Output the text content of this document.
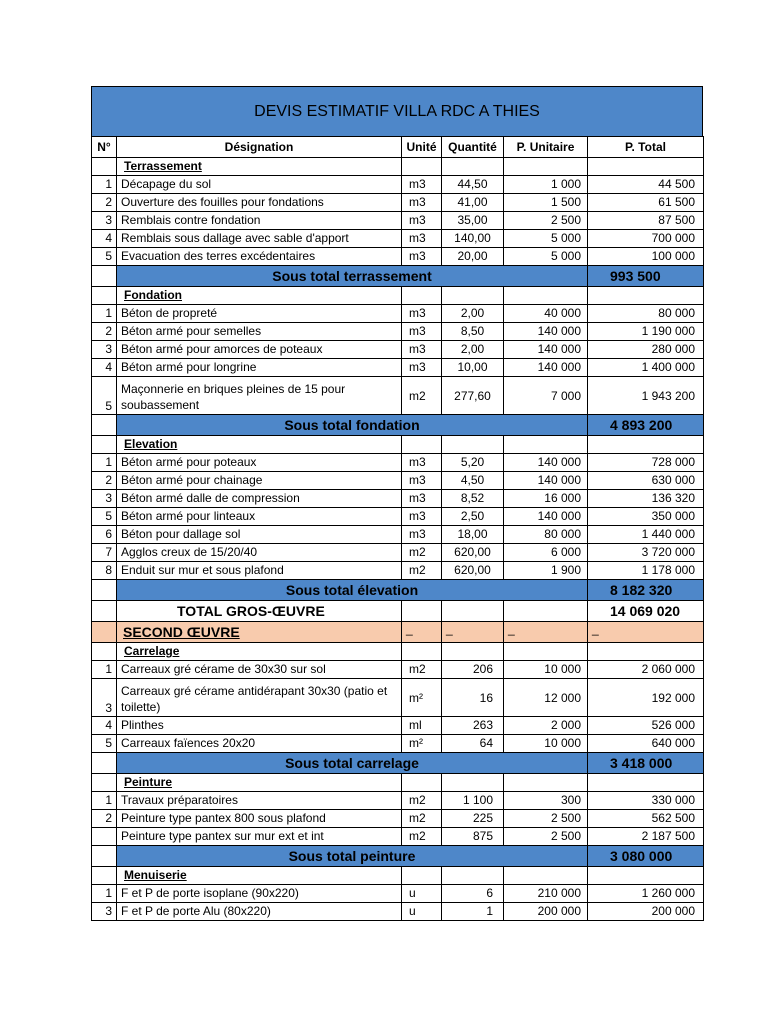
DEVIS ESTIMATIF VILLA RDC A THIES
N°	Désignation	Unité	Quantité	P. Unitaire	P. Total
	Terrassement				
1	Décapage du sol	m3	44,50	1 000	44 500
2	Ouverture des fouilles pour fondations	m3	41,00	1 500	61 500
3	Remblais contre fondation	m3	35,00	2 500	87 500
4	Remblais sous dallage avec sable d'apport	m3	140,00	5 000	700 000
5	Evacuation des terres excédentaires	m3	20,00	5 000	100 000
	Sous total terrassement				993 500
	Fondation				
1	Béton de propreté	m3	2,00	40 000	80 000
2	Béton armé pour semelles	m3	8,50	140 000	1 190 000
3	Béton armé pour amorces de poteaux	m3	2,00	140 000	280 000
4	Béton armé pour longrine	m3	10,00	140 000	1 400 000
5	Maçonnerie en briques pleines de 15 pour soubassement	m2	277,60	7 000	1 943 200
	Sous total fondation				4 893 200
	Elevation				
1	Béton armé pour poteaux	m3	5,20	140 000	728 000
2	Béton armé pour chainage	m3	4,50	140 000	630 000
3	Béton armé dalle de compression	m3	8,52	16 000	136 320
5	Béton armé pour linteaux	m3	2,50	140 000	350 000
6	Béton pour dallage sol	m3	18,00	80 000	1 440 000
7	Agglos creux de 15/20/40	m2	620,00	6 000	3 720 000
8	Enduit sur mur et sous plafond	m2	620,00	1 900	1 178 000
	Sous total élevation				8 182 320
	TOTAL GROS-ŒUVRE				14 069 020
	SECOND ŒUVRE	_	_	_	_
	Carrelage				
1	Carreaux gré cérame de 30x30 sur sol	m2	206	10 000	2 060 000
3	Carreaux gré cérame antidérapant 30x30 (patio et toilette)	m²	16	12 000	192 000
4	Plinthes	ml	263	2 000	526 000
5	Carreaux faïences 20x20	m²	64	10 000	640 000
	Sous total carrelage				3 418 000
	Peinture				
1	Travaux préparatoires	m2	1 100	300	330 000
2	Peinture type pantex 800 sous plafond	m2	225	2 500	562 500
	Peinture type pantex sur mur ext et int	m2	875	2 500	2 187 500
	Sous total peinture				3 080 000
	Menuiserie				
1	F et P de porte isoplane (90x220)	u	6	210 000	1 260 000
3	F et P de porte Alu (80x220)	u	1	200 000	200 000
